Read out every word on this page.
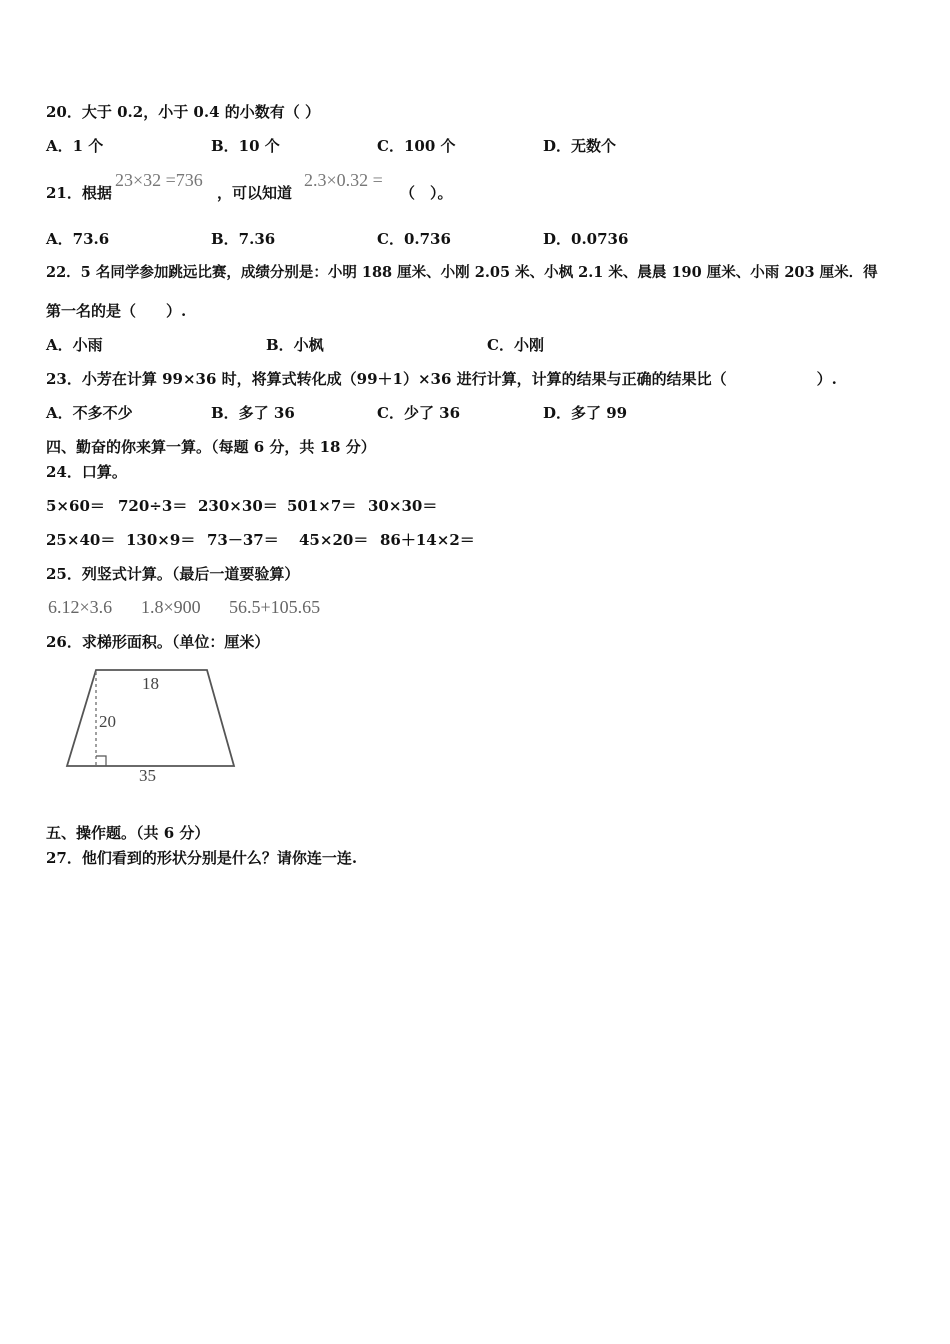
20．大于 0.2，小于 0.4 的小数有（ ）
A．1 个	B．10 个	C．100 个	D．无数个
21．根据
23×32 =736
，可以知道
2.3×0.32 =
（　）。
A．73.6	B．7.36	C．0.736	D．0.0736
22．5 名同学参加跳远比赛，成绩分别是：小明 188 厘米、小刚 2.05 米、小枫 2.1 米、晨晨 190 厘米、小雨 203 厘米．得
第一名的是（　　）.
A．小雨	B．小枫	C．小刚
23．小芳在计算 99×36 时，将算式转化成（99＋1）×36 进行计算，计算的结果与正确的结果比（　　　　　　）.
A．不多不少	B．多了 36	C．少了 36	D．多了 99
四、勤奋的你来算一算。（每题 6 分，共 18 分）
24．口算。
5×60＝ 720÷3＝ 230×30＝ 501×7＝ 30×30＝
25×40＝ 130×9＝ 73－37＝ 45×20＝ 86＋14×2＝
25．列竖式计算。（最后一道要验算）
6.12×3.6 1.8×900 56.5+105.65
26．求梯形面积。（单位：厘米）
18
20
35
五、操作题。（共 6 分）
27．他们看到的形状分别是什么？请你连一连.
